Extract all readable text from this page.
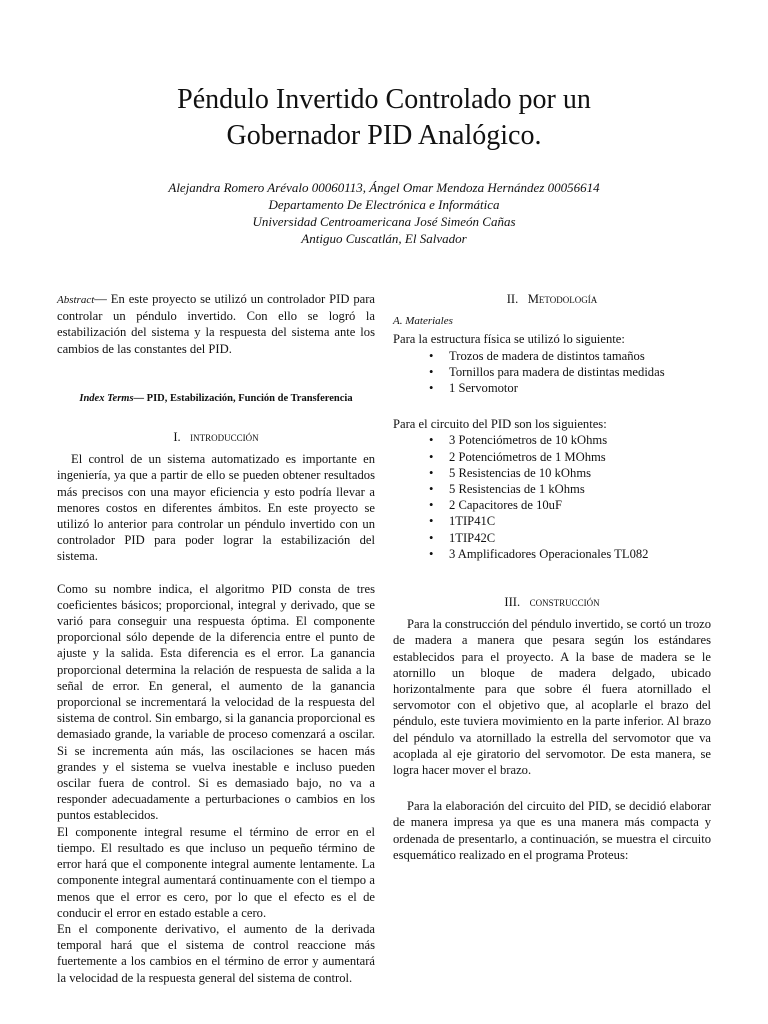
Péndulo Invertido Controlado por un
Gobernador PID Analógico.
Alejandra Romero Arévalo 00060113, Ángel Omar Mendoza Hernández 00056614
Departamento De Electrónica e Informática
Universidad Centroamericana José Simeón Cañas
Antiguo Cuscatlán, El Salvador

Abstract— En este proyecto se utilizó un controlador PID para controlar un péndulo invertido. Con ello se logró la estabilización del sistema y la respuesta del sistema ante los cambios de las constantes del PID.

Index Terms— PID, Estabilización, Función de Transferencia

I. introducción

El control de un sistema automatizado es importante en ingeniería, ya que a partir de ello se pueden obtener resultados más precisos con una mayor eficiencia y esto podría llevar a menores costos en diferentes ámbitos. En este proyecto se utilizó lo anterior para controlar un péndulo invertido con un controlador PID para poder lograr la estabilización del sistema.

Como su nombre indica, el algoritmo PID consta de tres coeficientes básicos; proporcional, integral y derivado, que se varió para conseguir una respuesta óptima. El componente proporcional sólo depende de la diferencia entre el punto de ajuste y la salida. Esta diferencia es el error. La ganancia proporcional determina la relación de respuesta de salida a la señal de error. En general, el aumento de la ganancia proporcional se incrementará la velocidad de la respuesta del sistema de control. Sin embargo, si la ganancia proporcional es demasiado grande, la variable de proceso comenzará a oscilar. Si se incrementa aún más, las oscilaciones se hacen más grandes y el sistema se vuelva inestable e incluso pueden oscilar fuera de control. Si es demasiado bajo, no va a responder adecuadamente a perturbaciones o cambios en los puntos establecidos.

El componente integral resume el término de error en el tiempo. El resultado es que incluso un pequeño término de error hará que el componente integral aumente lentamente. La componente integral aumentará continuamente con el tiempo a menos que el error es cero, por lo que el efecto es el de conducir el error en estado estable a cero.

En el componente derivativo, el aumento de la derivada temporal hará que el sistema de control reaccione más fuertemente a los cambios en el término de error y aumentará la velocidad de la respuesta general del sistema de control.

II. Metodología

A. Materiales

Para la estructura física se utilizó lo siguiente:

• Trozos de madera de distintos tamaños
• Tornillos para madera de distintas medidas
• 1 Servomotor

Para el circuito del PID son los siguientes:

• 3 Potenciómetros de 10 kOhms
• 2 Potenciómetros de 1 MOhms
• 5 Resistencias de 10 kOhms
• 5 Resistencias de 1 kOhms
• 2 Capacitores de 10uF
• 1TIP41C
• 1TIP42C
• 3 Amplificadores Operacionales TL082

III. construcción

Para la construcción del péndulo invertido, se cortó un trozo de madera a manera que pesara según los estándares establecidos para el proyecto. A la base de madera se le atornillo un bloque de madera delgado, ubicado horizontalmente para que sobre él fuera atornillado el servomotor con el objetivo que, al acoplarle el brazo del péndulo, este tuviera movimiento en la parte inferior. Al brazo del péndulo va atornillado la estrella del servomotor que va acoplada al eje giratorio del servomotor. De esta manera, se logra hacer mover el brazo.

Para la elaboración del circuito del PID, se decidió elaborar de manera impresa ya que es una manera más compacta y ordenada de presentarlo, a continuación, se muestra el circuito esquemático realizado en el programa Proteus:
